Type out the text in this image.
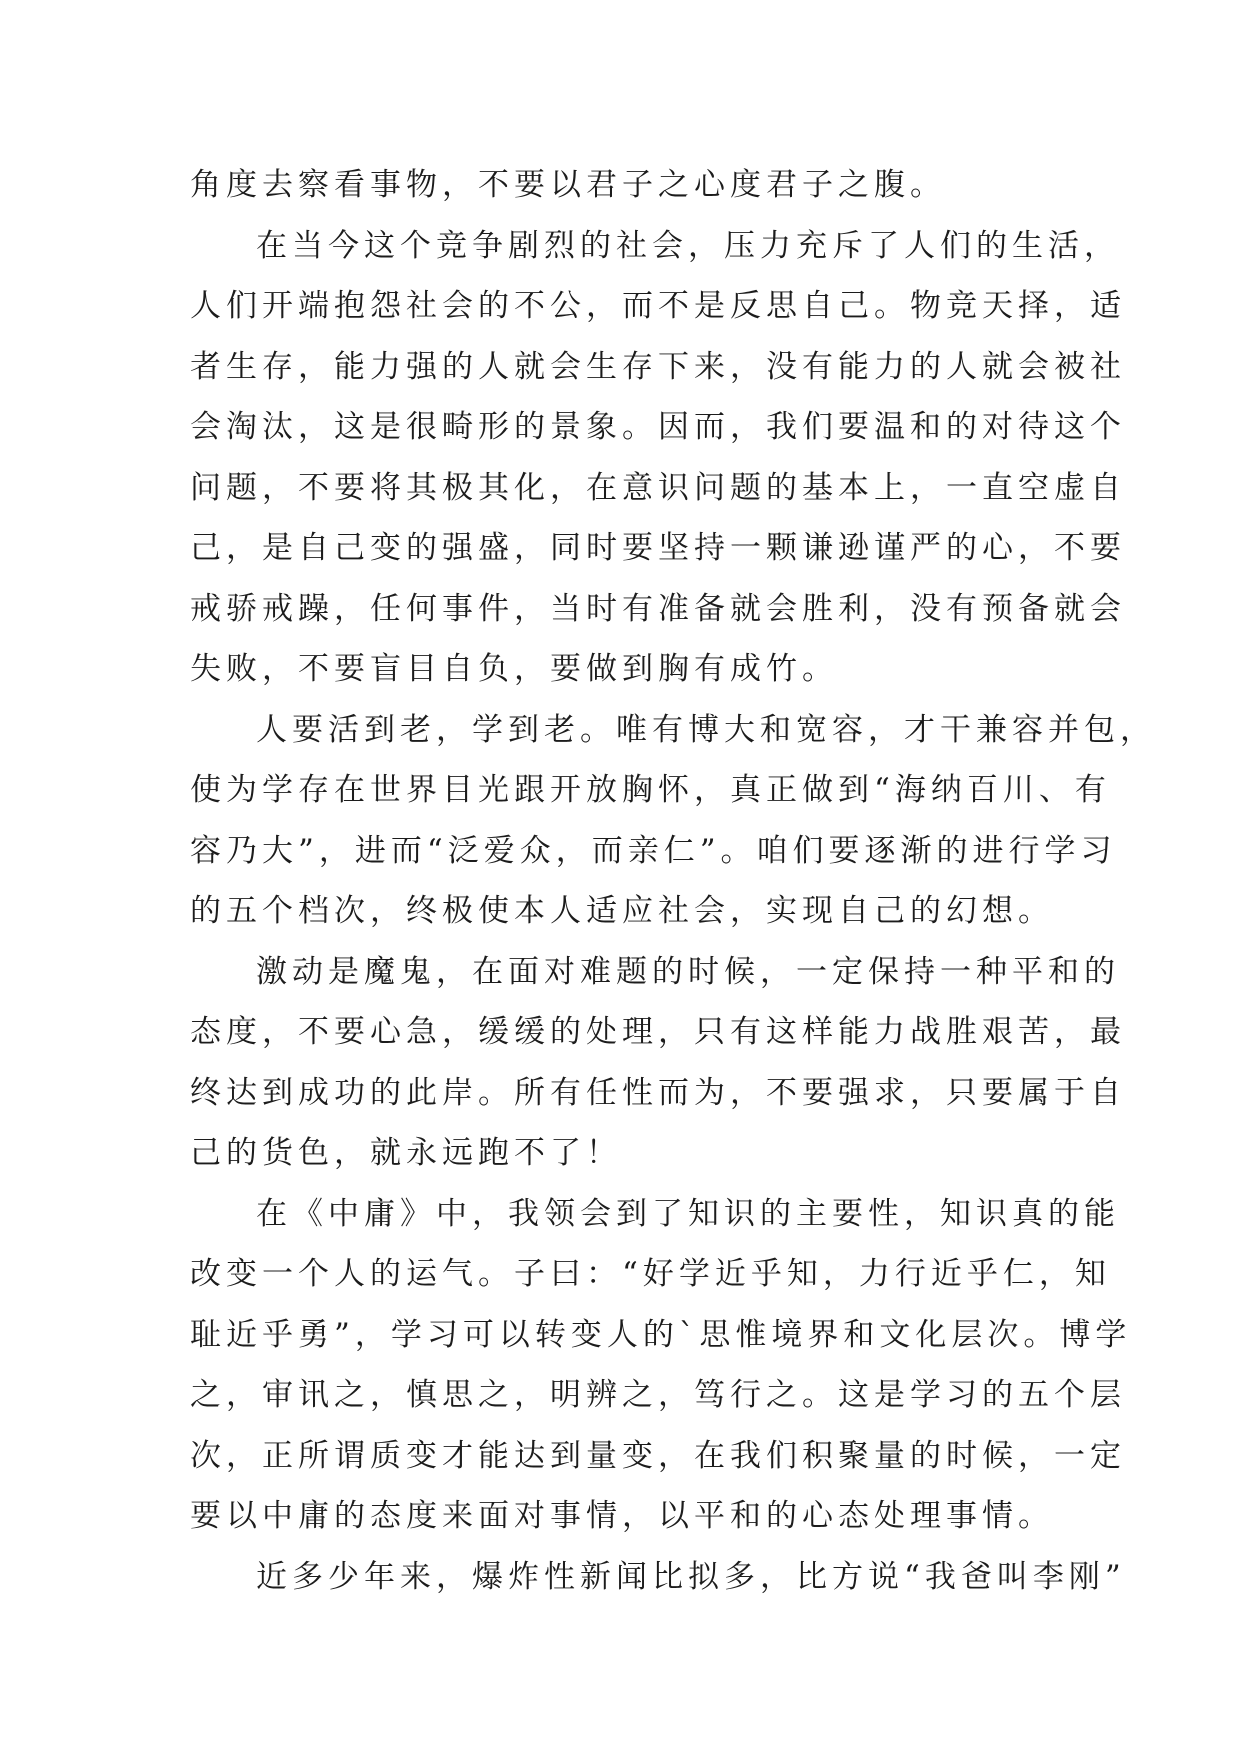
角度去察看事物，不要以君子之心度君子之腹。
在当今这个竞争剧烈的社会，压力充斥了人们的生活，
人们开端抱怨社会的不公，而不是反思自己。物竞天择，适
者生存，能力强的人就会生存下来，没有能力的人就会被社
会淘汰，这是很畸形的景象。因而，我们要温和的对待这个
问题，不要将其极其化，在意识问题的基本上，一直空虚自
己，是自己变的强盛，同时要坚持一颗谦逊谨严的心，不要
戒骄戒躁，任何事件，当时有准备就会胜利，没有预备就会
失败，不要盲目自负，要做到胸有成竹。
人要活到老，学到老。唯有博大和宽容，才干兼容并包，
使为学存在世界目光跟开放胸怀，真正做到“海纳百川、有
容乃大”，进而“泛爱众，而亲仁”。咱们要逐渐的进行学习
的五个档次，终极使本人适应社会，实现自己的幻想。
激动是魔鬼，在面对难题的时候，一定保持一种平和的
态度，不要心急，缓缓的处理，只有这样能力战胜艰苦，最
终达到成功的此岸。所有任性而为，不要强求，只要属于自
己的货色，就永远跑不了！
在《中庸》中，我领会到了知识的主要性，知识真的能
改变一个人的运气。子曰：“好学近乎知，力行近乎仁，知
耻近乎勇”，学习可以转变人的`思惟境界和文化层次。博学
之，审讯之，慎思之，明辨之，笃行之。这是学习的五个层
次，正所谓质变才能达到量变，在我们积聚量的时候，一定
要以中庸的态度来面对事情，以平和的心态处理事情。
近多少年来，爆炸性新闻比拟多，比方说“我爸叫李刚”
